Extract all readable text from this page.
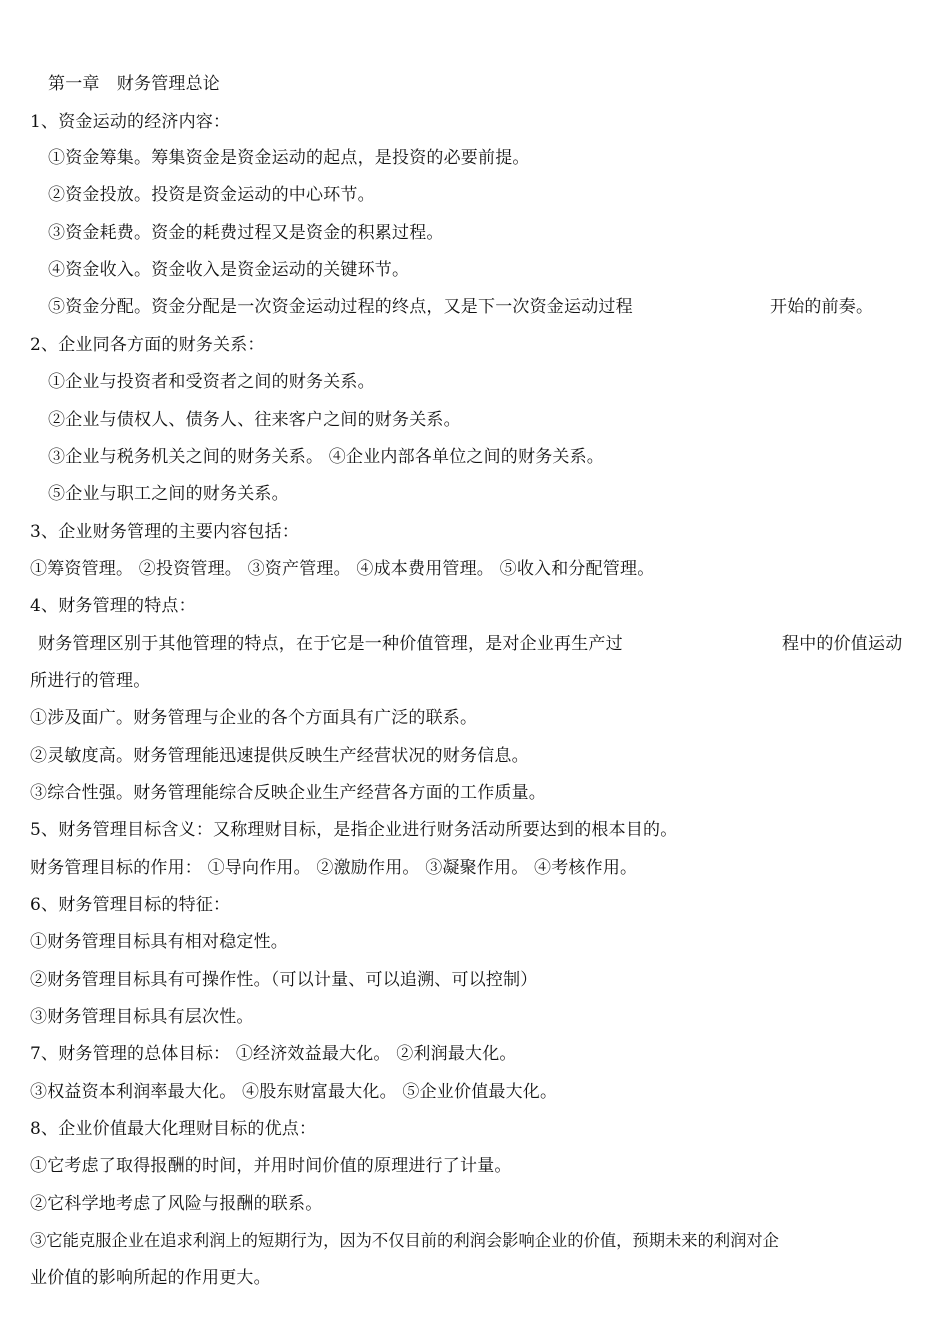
第一章　财务管理总论
1、资金运动的经济内容：
①资金筹集。筹集资金是资金运动的起点，是投资的必要前提。
②资金投放。投资是资金运动的中心环节。
③资金耗费。资金的耗费过程又是资金的积累过程。
④资金收入。资金收入是资金运动的关键环节。
⑤资金分配。资金分配是一次资金运动过程的终点，又是下一次资金运动过程	开始的前奏。
2、企业同各方面的财务关系：
①企业与投资者和受资者之间的财务关系。
②企业与债权人、债务人、往来客户之间的财务关系。
③企业与税务机关之间的财务关系。 ④企业内部各单位之间的财务关系。
⑤企业与职工之间的财务关系。
3、企业财务管理的主要内容包括：
①筹资管理。 ②投资管理。 ③资产管理。 ④成本费用管理。 ⑤收入和分配管理。
4、财务管理的特点：
财务管理区别于其他管理的特点，在于它是一种价值管理，是对企业再生产过	程中的价值运动
所进行的管理。
①涉及面广。财务管理与企业的各个方面具有广泛的联系。
②灵敏度高。财务管理能迅速提供反映生产经营状况的财务信息。
③综合性强。财务管理能综合反映企业生产经营各方面的工作质量。
5、财务管理目标含义：又称理财目标，是指企业进行财务活动所要达到的根本目的。
财务管理目标的作用： ①导向作用。 ②激励作用。 ③凝聚作用。 ④考核作用。
6、财务管理目标的特征：
①财务管理目标具有相对稳定性。
②财务管理目标具有可操作性。（可以计量、可以追溯、可以控制）
③财务管理目标具有层次性。
7、财务管理的总体目标： ①经济效益最大化。 ②利润最大化。
③权益资本利润率最大化。 ④股东财富最大化。 ⑤企业价值最大化。
8、企业价值最大化理财目标的优点：
①它考虑了取得报酬的时间，并用时间价值的原理进行了计量。
②它科学地考虑了风险与报酬的联系。
③它能克服企业在追求利润上的短期行为，因为不仅目前的利润会影响企业的价值，预期未来的利润对企
业价值的影响所起的作用更大。
